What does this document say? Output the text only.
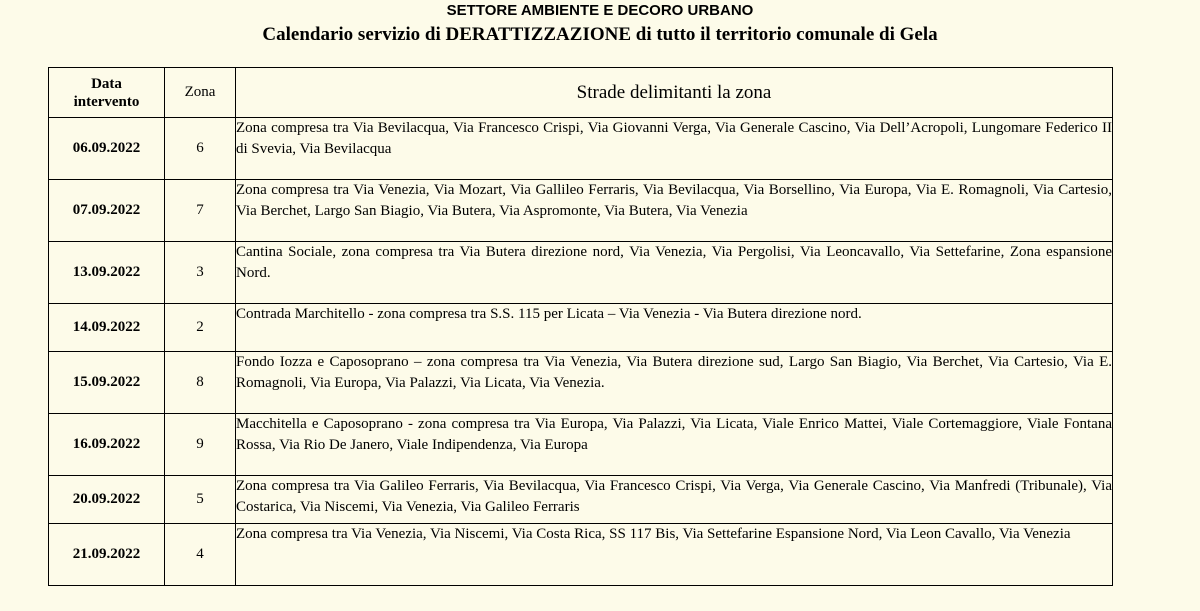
SETTORE AMBIENTE E DECORO URBANO
Calendario servizio di DERATTIZZAZIONE di tutto il territorio comunale di Gela
Data
intervento	Zona	Strade delimitanti la zona
06.09.2022	6	Zona compresa tra Via Bevilacqua, Via Francesco Crispi, Via Giovanni Verga, Via Generale Cascino, Via Dell’Acropoli, Lungomare Federico II di Svevia, Via Bevilacqua
07.09.2022	7	Zona compresa tra Via Venezia, Via Mozart, Via Gallileo Ferraris, Via Bevilacqua, Via Borsellino, Via Europa, Via E. Romagnoli, Via Cartesio, Via Berchet, Largo San Biagio, Via Butera, Via Aspromonte, Via Butera, Via Venezia
13.09.2022	3	Cantina Sociale, zona compresa tra Via Butera direzione nord, Via Venezia, Via Pergolisi, Via Leoncavallo, Via Settefarine, Zona espansione Nord.
14.09.2022	2	Contrada Marchitello - zona compresa tra S.S. 115 per Licata – Via Venezia - Via Butera direzione nord.
15.09.2022	8	Fondo Iozza e Caposoprano – zona compresa tra Via Venezia, Via Butera direzione sud, Largo San Biagio, Via Berchet, Via Cartesio, Via E. Romagnoli, Via Europa, Via Palazzi, Via Licata, Via Venezia.
16.09.2022	9	Macchitella e Caposoprano - zona compresa tra Via Europa, Via Palazzi, Via Licata, Viale Enrico Mattei, Viale Cortemaggiore, Viale Fontana Rossa, Via Rio De Janero, Viale Indipendenza, Via Europa
20.09.2022	5	Zona compresa tra Via Galileo Ferraris, Via Bevilacqua, Via Francesco Crispi, Via Verga, Via Generale Cascino, Via Manfredi (Tribunale), Via Costarica, Via Niscemi, Via Venezia, Via Galileo Ferraris
21.09.2022	4	Zona compresa tra Via Venezia, Via Niscemi, Via Costa Rica, SS 117 Bis, Via Settefarine Espansione Nord, Via Leon Cavallo, Via Venezia
